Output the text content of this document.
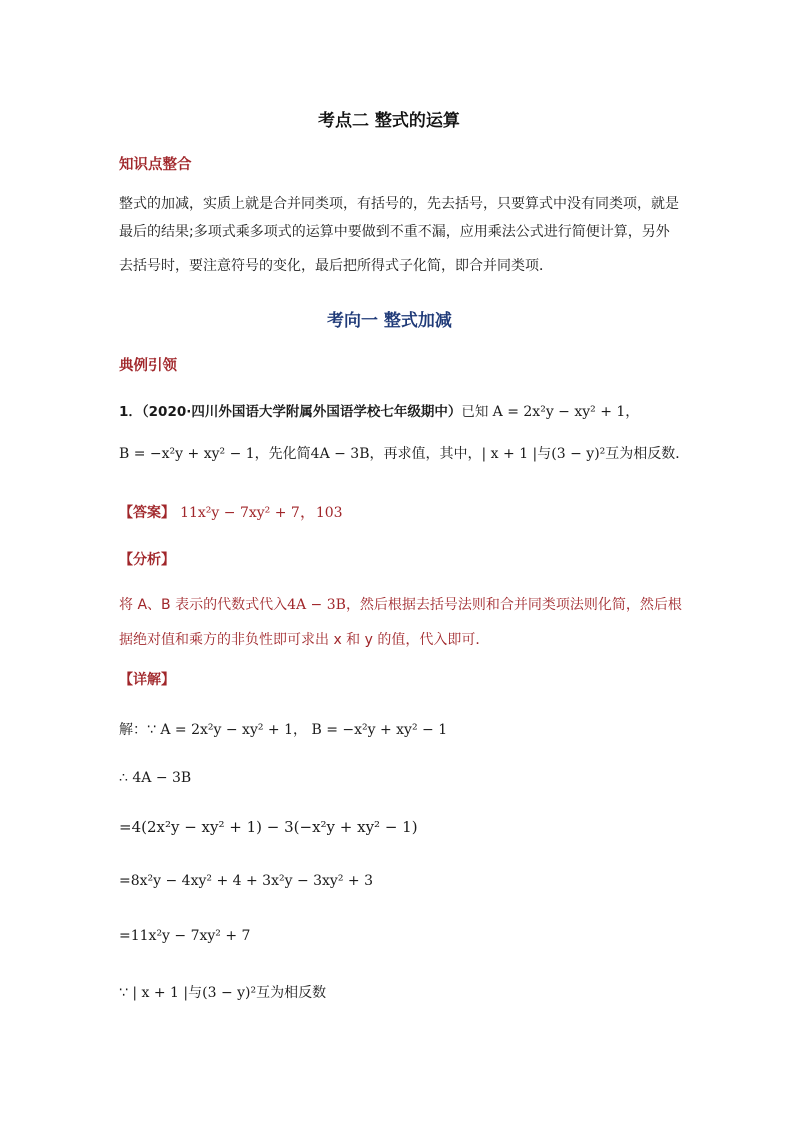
考点二 整式的运算
知识点整合
整式的加减，实质上就是合并同类项，有括号的，先去括号，只要算式中没有同类项，就是
最后的结果;多项式乘多项式的运算中要做到不重不漏，应用乘法公式进行简便计算，另外
去括号时，要注意符号的变化，最后把所得式子化简，即合并同类项．
考向一 整式加减
典例引领
1．（2020·四川外国语大学附属外国语学校七年级期中）已知 A = 2x²y − xy² + 1，
B = −x²y + xy² − 1，先化简4A − 3B，再求值，其中，| x + 1 |与(3 − y)²互为相反数．
【答案】 11x²y − 7xy² + 7，103
【分析】
将 A、B 表示的代数式代入4A − 3B，然后根据去括号法则和合并同类项法则化简，然后根
据绝对值和乘方的非负性即可求出 x 和 y 的值，代入即可．
【详解】
解：∵ A = 2x²y − xy² + 1， B = −x²y + xy² − 1
∴ 4A − 3B
=4(2x²y − xy² + 1) − 3(−x²y + xy² − 1)
=8x²y − 4xy² + 4 + 3x²y − 3xy² + 3
=11x²y − 7xy² + 7
∵ | x + 1 |与(3 − y)²互为相反数
